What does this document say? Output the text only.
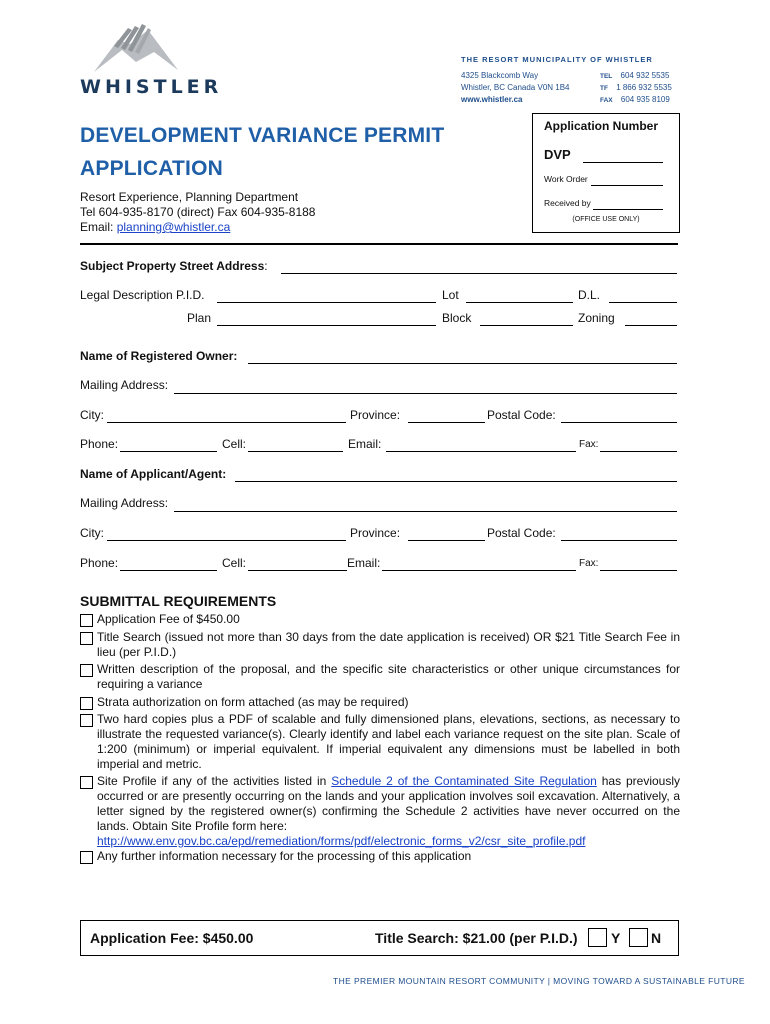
WHISTLER
THE RESORT MUNICIPALITY OF WHISTLER
4325 Blackcomb Way
Whistler, BC Canada V0N 1B4
www.whistler.ca
TEL 604 932 5535
TF 1 866 932 5535
FAX 604 935 8109
DEVELOPMENT VARIANCE PERMIT
APPLICATION
Resort Experience, Planning Department
Tel 604-935-8170 (direct) Fax 604-935-8188
Email: planning@whistler.ca
Application Number
DVP
Work Order
Received by
(OFFICE USE ONLY)
Subject Property Street Address:
Legal Description P.I.D.	Lot	D.L.
Plan	Block	Zoning
Name of Registered Owner:
Mailing Address:
City:	Province:	Postal Code:
Phone:	Cell:	Email:	Fax:
Name of Applicant/Agent:
Mailing Address:
City:	Province:	Postal Code:
Phone:	Cell:	Email:	Fax:
SUBMITTAL REQUIREMENTS
Application Fee of $450.00
Title Search (issued not more than 30 days from the date application is received) OR $21 Title Search Fee in lieu (per P.I.D.)
Written description of the proposal, and the specific site characteristics or other unique circumstances for requiring a variance
Strata authorization on form attached (as may be required)
Two hard copies plus a PDF of scalable and fully dimensioned plans, elevations, sections, as necessary to illustrate the requested variance(s). Clearly identify and label each variance request on the site plan. Scale of 1:200 (minimum) or imperial equivalent. If imperial equivalent any dimensions must be labelled in both imperial and metric.
Site Profile if any of the activities listed in Schedule 2 of the Contaminated Site Regulation has previously occurred or are presently occurring on the lands and your application involves soil excavation. Alternatively, a letter signed by the registered owner(s) confirming the Schedule 2 activities have never occurred on the lands. Obtain Site Profile form here:
http://www.env.gov.bc.ca/epd/remediation/forms/pdf/electronic_forms_v2/csr_site_profile.pdf
Any further information necessary for the processing of this application
Application Fee: $450.00	Title Search: $21.00 (per P.I.D.) Y N
THE PREMIER MOUNTAIN RESORT COMMUNITY | MOVING TOWARD A SUSTAINABLE FUTURE
